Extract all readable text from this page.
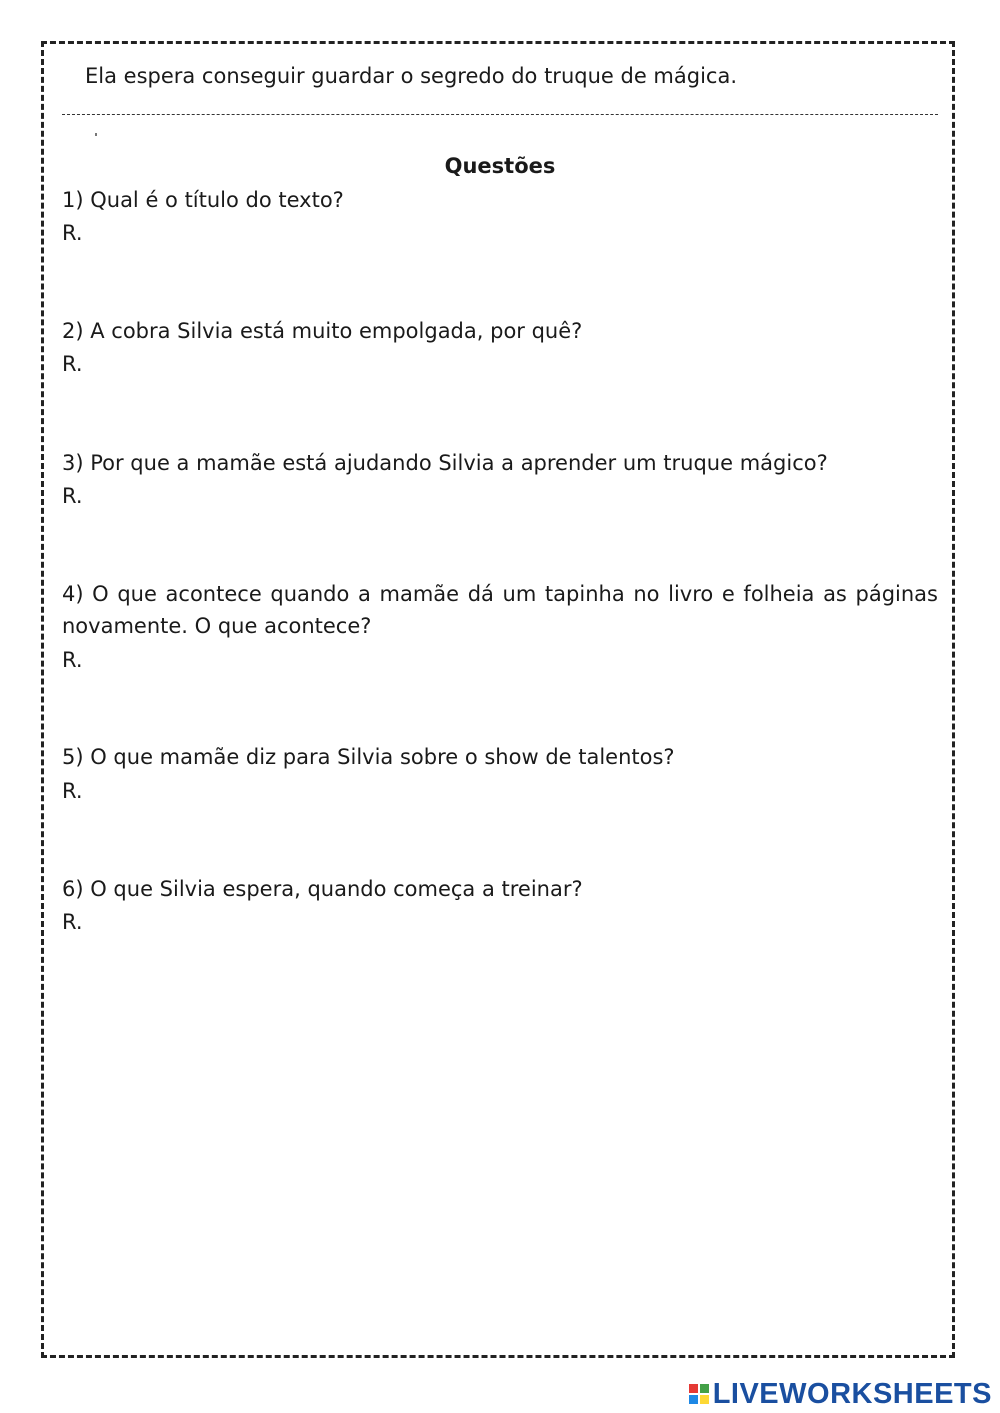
Ela espera conseguir guardar o segredo do truque de mágica.
Questões

1) Qual é o título do texto?

R.

2) A cobra Silvia está muito empolgada, por quê?

R.

3) Por que a mamãe está ajudando Silvia a aprender um truque mágico?

R.

4) O que acontece quando a mamãe dá um tapinha no livro e folheia as páginas novamente. O que acontece?

R.

5) O que mamãe diz para Silvia sobre o show de talentos?

R.

6) O que Silvia espera, quando começa a treinar?

R.
LIVEWORKSHEETS
